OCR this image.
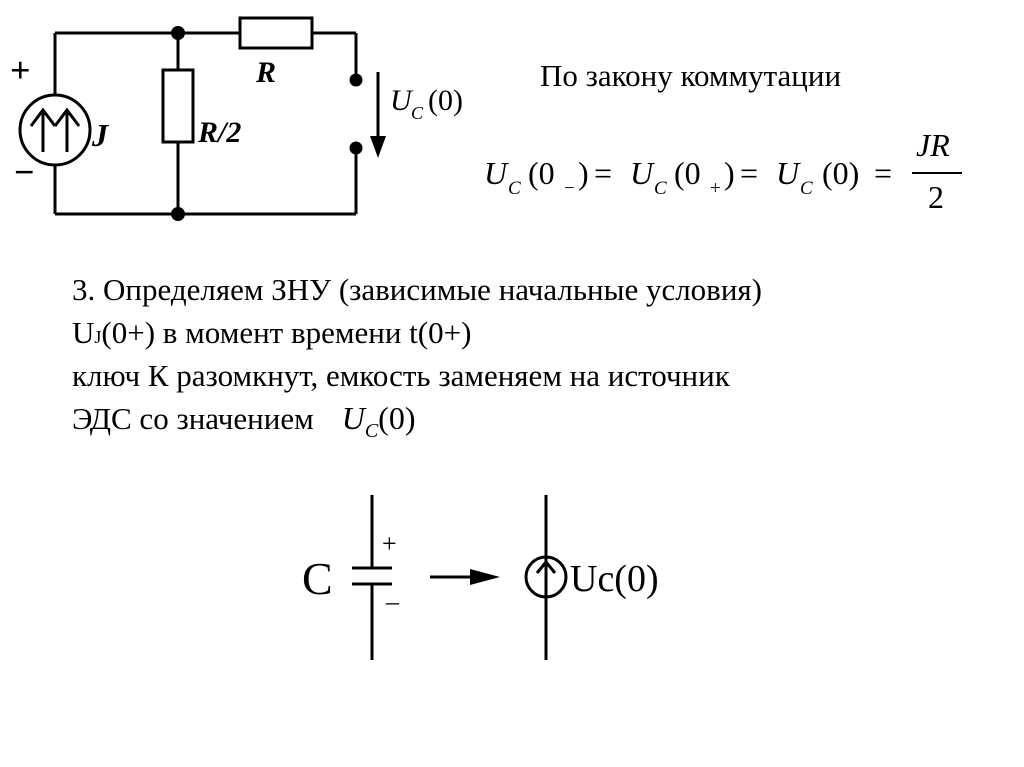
+
−
J
R
R/2
U C (0)
По закону коммутации
U C (0 − ) = U C (0 + ) = U C (0) =
JR
2
3. Определяем ЗНУ (зависимые начальные условия)
UJ(0+) в момент времени t(0+)
ключ К разомкнут, емкость заменяем на источник
ЭДС со значением $U_C(0)$
C
+
–
Uc(0)
